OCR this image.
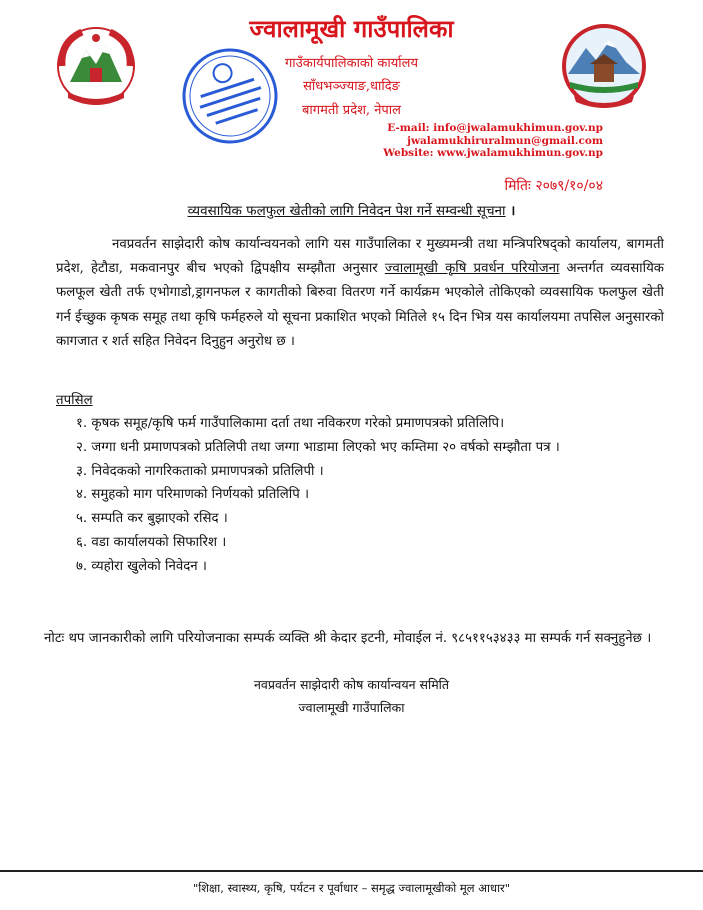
ज्वालामूखी गाउँपालिका
गाउँकार्यपालिकाको कार्यालय
साँधभञ्ज्याङ,धादिङ
बागमती प्रदेश, नेपाल
E-mail: info@jwalamukhimun.gov.np
jwalamukhiruralmun@gmail.com
Website: www.jwalamukhimun.gov.np
मितिः २०७९/१०/०४
व्यवसायिक फलफुल खेतीको लागि निवेदन पेश गर्ने सम्वन्धी सूचना ।
नवप्रवर्तन साझेदारी कोष कार्यान्वयनको लागि यस गाउँपालिका र मुख्यमन्त्री तथा मन्त्रिपरिषद्को कार्यालय, बागमती प्रदेश, हेटौडा, मकवानपुर बीच भएको द्विपक्षीय सम्झौता अनुसार ज्वालामूखी कृषि प्रवर्धन परियोजना अन्तर्गत व्यवसायिक फलफूल खेती तर्फ एभोगाडो,ड्रागनफल र कागतीको बिरुवा वितरण गर्ने कार्यक्रम भएकोले तोकिएको व्यवसायिक फलफुल खेती गर्न ईच्छुक कृषक समूह तथा कृषि फर्महरुले यो सूचना प्रकाशित भएको मितिले १५ दिन भित्र यस कार्यालयमा तपसिल अनुसारको कागजात र शर्त सहित निवेदन दिनुहुन अनुरोध छ ।
तपसिल
१. कृषक समूह/कृषि फर्म गाउँपालिकामा दर्ता तथा नविकरण गरेको प्रमाणपत्रको प्रतिलिपि।
२. जग्गा धनी प्रमाणपत्रको प्रतिलिपी तथा जग्गा भाडामा लिएको भए कम्तिमा २० वर्षको सम्झौता पत्र ।
३. निवेदकको नागरिकताको प्रमाणपत्रको प्रतिलिपी ।
४. समुहको माग परिमाणको निर्णयको प्रतिलिपि ।
५. सम्पति कर बुझाएको रसिद ।
६. वडा कार्यालयको सिफारिश ।
७. व्यहोरा खुलेको निवेदन ।
नोटः थप जानकारीको लागि परियोजनाका सम्पर्क व्यक्ति श्री केदार इटनी, मोवाईल नं. ९८५११५३४३३ मा सम्पर्क गर्न सक्नुहुनेछ ।
नवप्रवर्तन साझेदारी कोष कार्यान्वयन समिति
ज्वालामूखी गाउँपालिका
"शिक्षा, स्वास्थ्य, कृषि, पर्यटन र पूर्वाधार – समृद्ध ज्वालामूखीको मूल आधार"
